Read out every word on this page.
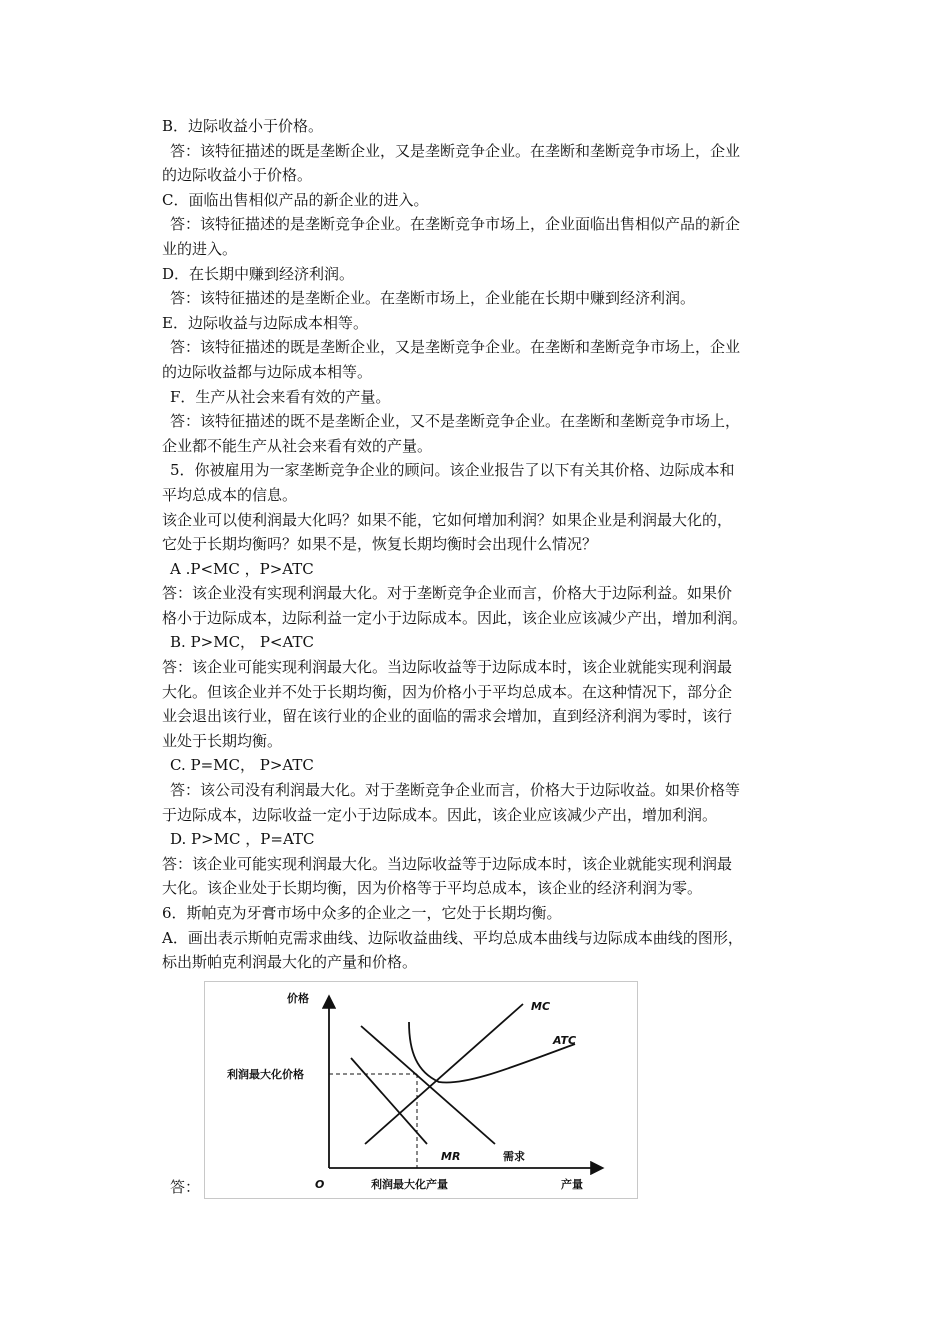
B．边际收益小于价格。
答：该特征描述的既是垄断企业，又是垄断竞争企业。在垄断和垄断竞争市场上，企业
的边际收益小于价格。
C．面临出售相似产品的新企业的进入。
答：该特征描述的是垄断竞争企业。在垄断竞争市场上，企业面临出售相似产品的新企
业的进入。
D．在长期中赚到经济利润。
答：该特征描述的是垄断企业。在垄断市场上，企业能在长期中赚到经济利润。
E．边际收益与边际成本相等。
答：该特征描述的既是垄断企业，又是垄断竞争企业。在垄断和垄断竞争市场上，企业
的边际收益都与边际成本相等。
F．生产从社会来看有效的产量。
答：该特征描述的既不是垄断企业，又不是垄断竞争企业。在垄断和垄断竞争市场上，
企业都不能生产从社会来看有效的产量。
5．你被雇用为一家垄断竞争企业的顾问。该企业报告了以下有关其价格、边际成本和
平均总成本的信息。
该企业可以使利润最大化吗？如果不能，它如何增加利润？如果企业是利润最大化的，
它处于长期均衡吗？如果不是，恢复长期均衡时会出现什么情况？
A .P<MC ，P>ATC
答：该企业没有实现利润最大化。对于垄断竞争企业而言，价格大于边际利益。如果价
格小于边际成本，边际利益一定小于边际成本。因此，该企业应该减少产出，增加利润。
B. P>MC， P<ATC
答：该企业可能实现利润最大化。当边际收益等于边际成本时，该企业就能实现利润最
大化。但该企业并不处于长期均衡，因为价格小于平均总成本。在这种情况下，部分企
业会退出该行业，留在该行业的企业的面临的需求会增加，直到经济利润为零时，该行
业处于长期均衡。
C. P=MC， P>ATC
答：该公司没有利润最大化。对于垄断竞争企业而言，价格大于边际收益。如果价格等
于边际成本，边际收益一定小于边际成本。因此，该企业应该减少产出，增加利润。
D. P>MC ，P=ATC
答：该企业可能实现利润最大化。当边际收益等于边际成本时，该企业就能实现利润最
大化。该企业处于长期均衡，因为价格等于平均总成本，该企业的经济利润为零。
6．斯帕克为牙膏市场中众多的企业之一，它处于长期均衡。
A．画出表示斯帕克需求曲线、边际收益曲线、平均总成本曲线与边际成本曲线的图形，
标出斯帕克利润最大化的产量和价格。
答：
价格
利润最大化价格
MC
ATC
MR	需求
O	利润最大化产量	产量
